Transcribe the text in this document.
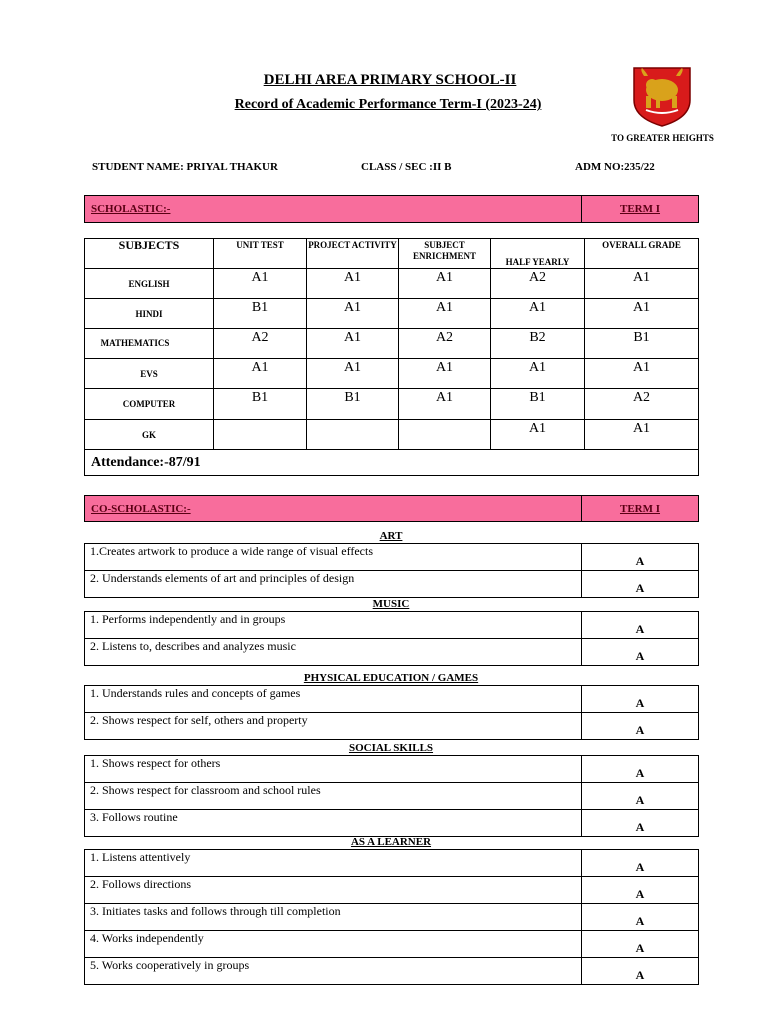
DELHI AREA PRIMARY SCHOOL-II
Record of Academic Performance Term-I (2023-24)
TO GREATER HEIGHTS
STUDENT NAME: PRIYAL THAKUR	CLASS / SEC :II B	ADM NO:235/22
SCHOLASTIC:-	TERM I
SUBJECTS	UNIT TEST	PROJECT ACTIVITY	SUBJECT ENRICHMENT	HALF YEARLY	OVERALL GRADE
ENGLISH	A1	A1	A1	A2	A1
HINDI	B1	A1	A1	A1	A1
MATHEMATICS	A2	A1	A2	B2	B1
EVS	A1	A1	A1	A1	A1
COMPUTER	B1	B1	A1	B1	A2
GK				A1	A1
Attendance:-87/91					
CO-SCHOLASTIC:-	TERM I
ART
1.Creates artwork to produce a wide range of visual effects	A
2. Understands elements of art and principles of design	A
MUSIC
1. Performs independently and in groups	A
2. Listens to, describes and analyzes music	A
PHYSICAL EDUCATION / GAMES
1. Understands rules and concepts of games	A
2. Shows respect for self, others and property	A
SOCIAL SKILLS
1. Shows respect for others	A
2. Shows respect for classroom and school rules	A
3. Follows routine	A
AS A LEARNER
1. Listens attentively	A
2. Follows directions	A
3. Initiates tasks and follows through till completion	A
4. Works independently	A
5. Works cooperatively in groups	A
